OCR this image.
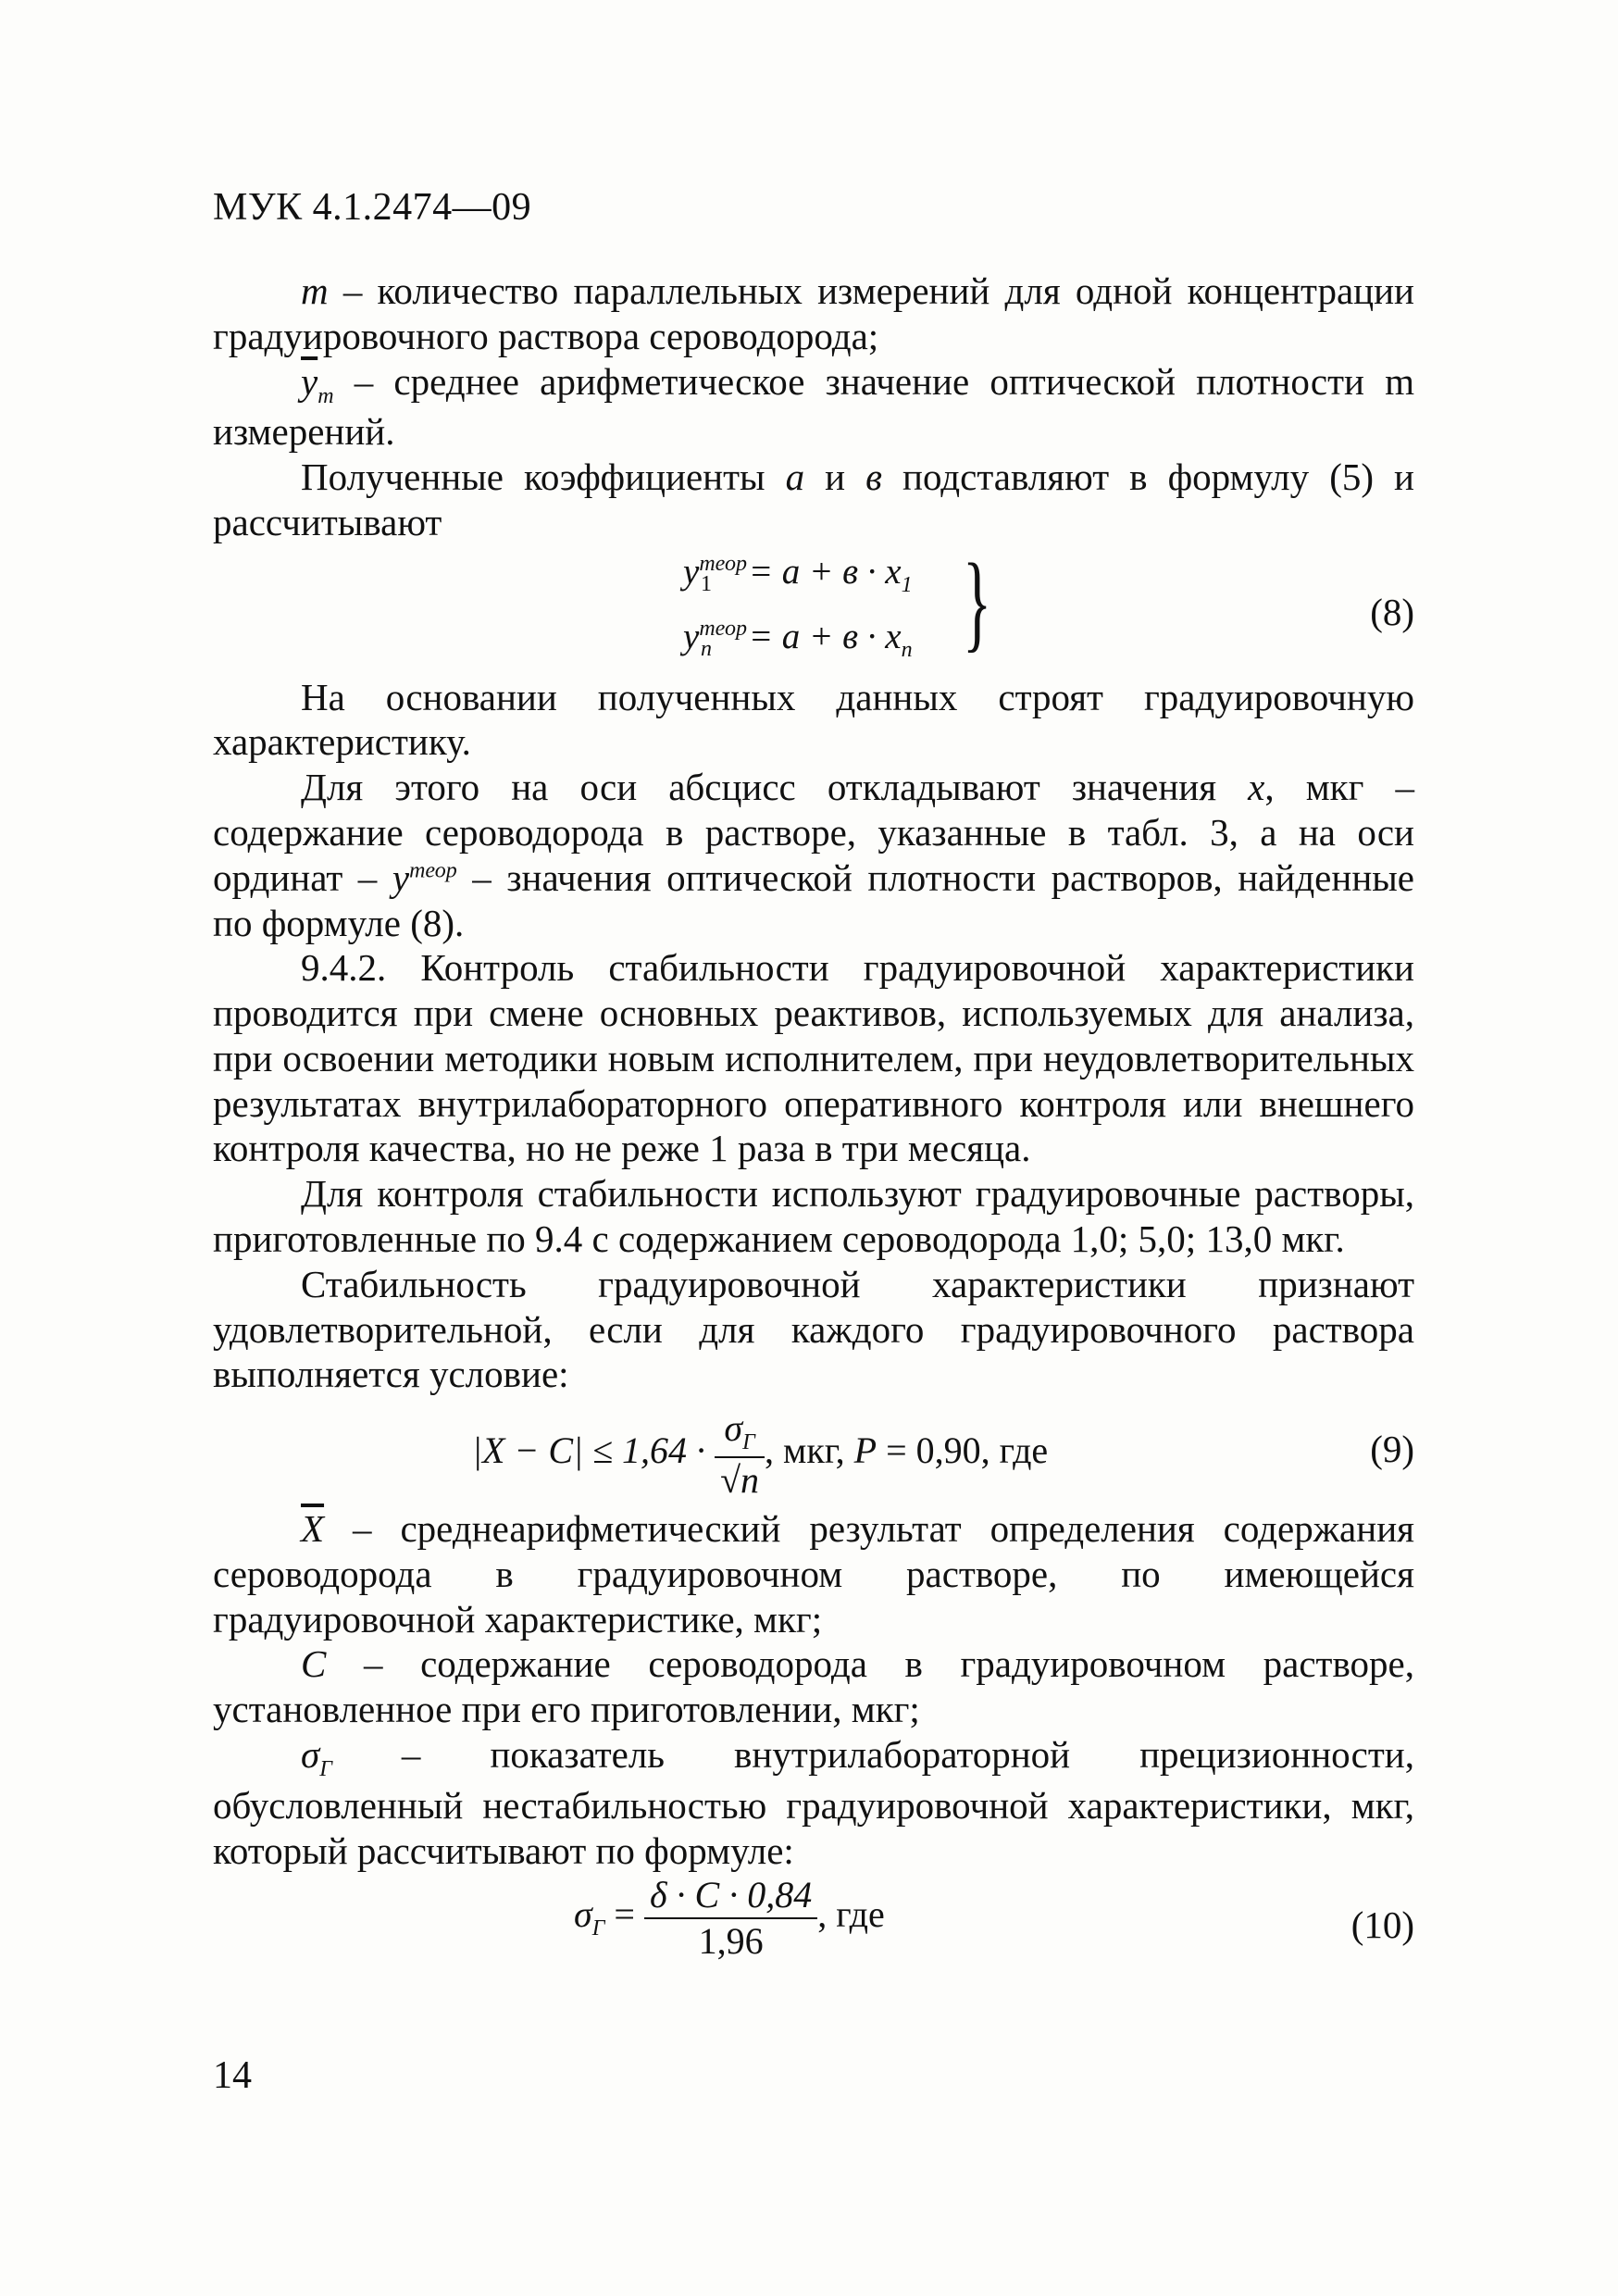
МУК 4.1.2474—09

m – количество параллельных измерений для одной концентрации градуировочного раствора сероводорода;

$\overline{y}_m$ – среднее арифметическое значение оптической плотности m измерений.

Полученные коэффициенты а и в подставляют в формулу (5) и рассчитывают

$y^{теор}_1 = а + в \cdot x_1$
$y^{теор}_n = а + в \cdot x_n$ }	(8)

На основании полученных данных строят градуировочную характеристику.

Для этого на оси абсцисс откладывают значения х, мкг – содержание сероводорода в растворе, указанные в табл. 3, а на оси ординат – $y^{теор}$ – значения оптической плотности растворов, найденные по формуле (8).

9.4.2. Контроль стабильности градуировочной характеристики проводится при смене основных реактивов, используемых для анализа, при освоении методики новым исполнителем, при неудовлетворительных результатах внутрилабораторного оперативного контроля или внешнего контроля качества, но не реже 1 раза в три месяца.

Для контроля стабильности используют градуировочные растворы, приготовленные по 9.4 с содержанием сероводорода 1,0; 5,0; 13,0 мкг.

Стабильность градуировочной характеристики признают удовлетворительной, если для каждого градуировочного раствора выполняется условие:

$|X - C| \le 1,64 \cdot \frac{\sigma_Г}{√n}$ , мкг, P = 0,90, где	(9)

$\overline{X}$ – среднеарифметический результат определения содержания сероводорода в градуировочном растворе, по имеющейся градуировочной характеристике, мкг;

C – содержание сероводорода в градуировочном растворе, установленное при его приготовлении, мкг;

$\sigma_Г$ – показатель внутрилабораторной прецизионности, обусловленный нестабильностью градуировочной характеристики, мкг, который рассчитывают по формуле:

$\sigma_Г = \frac{\delta \cdot C \cdot 0,84}{1,96}$ , где	(10)
14
